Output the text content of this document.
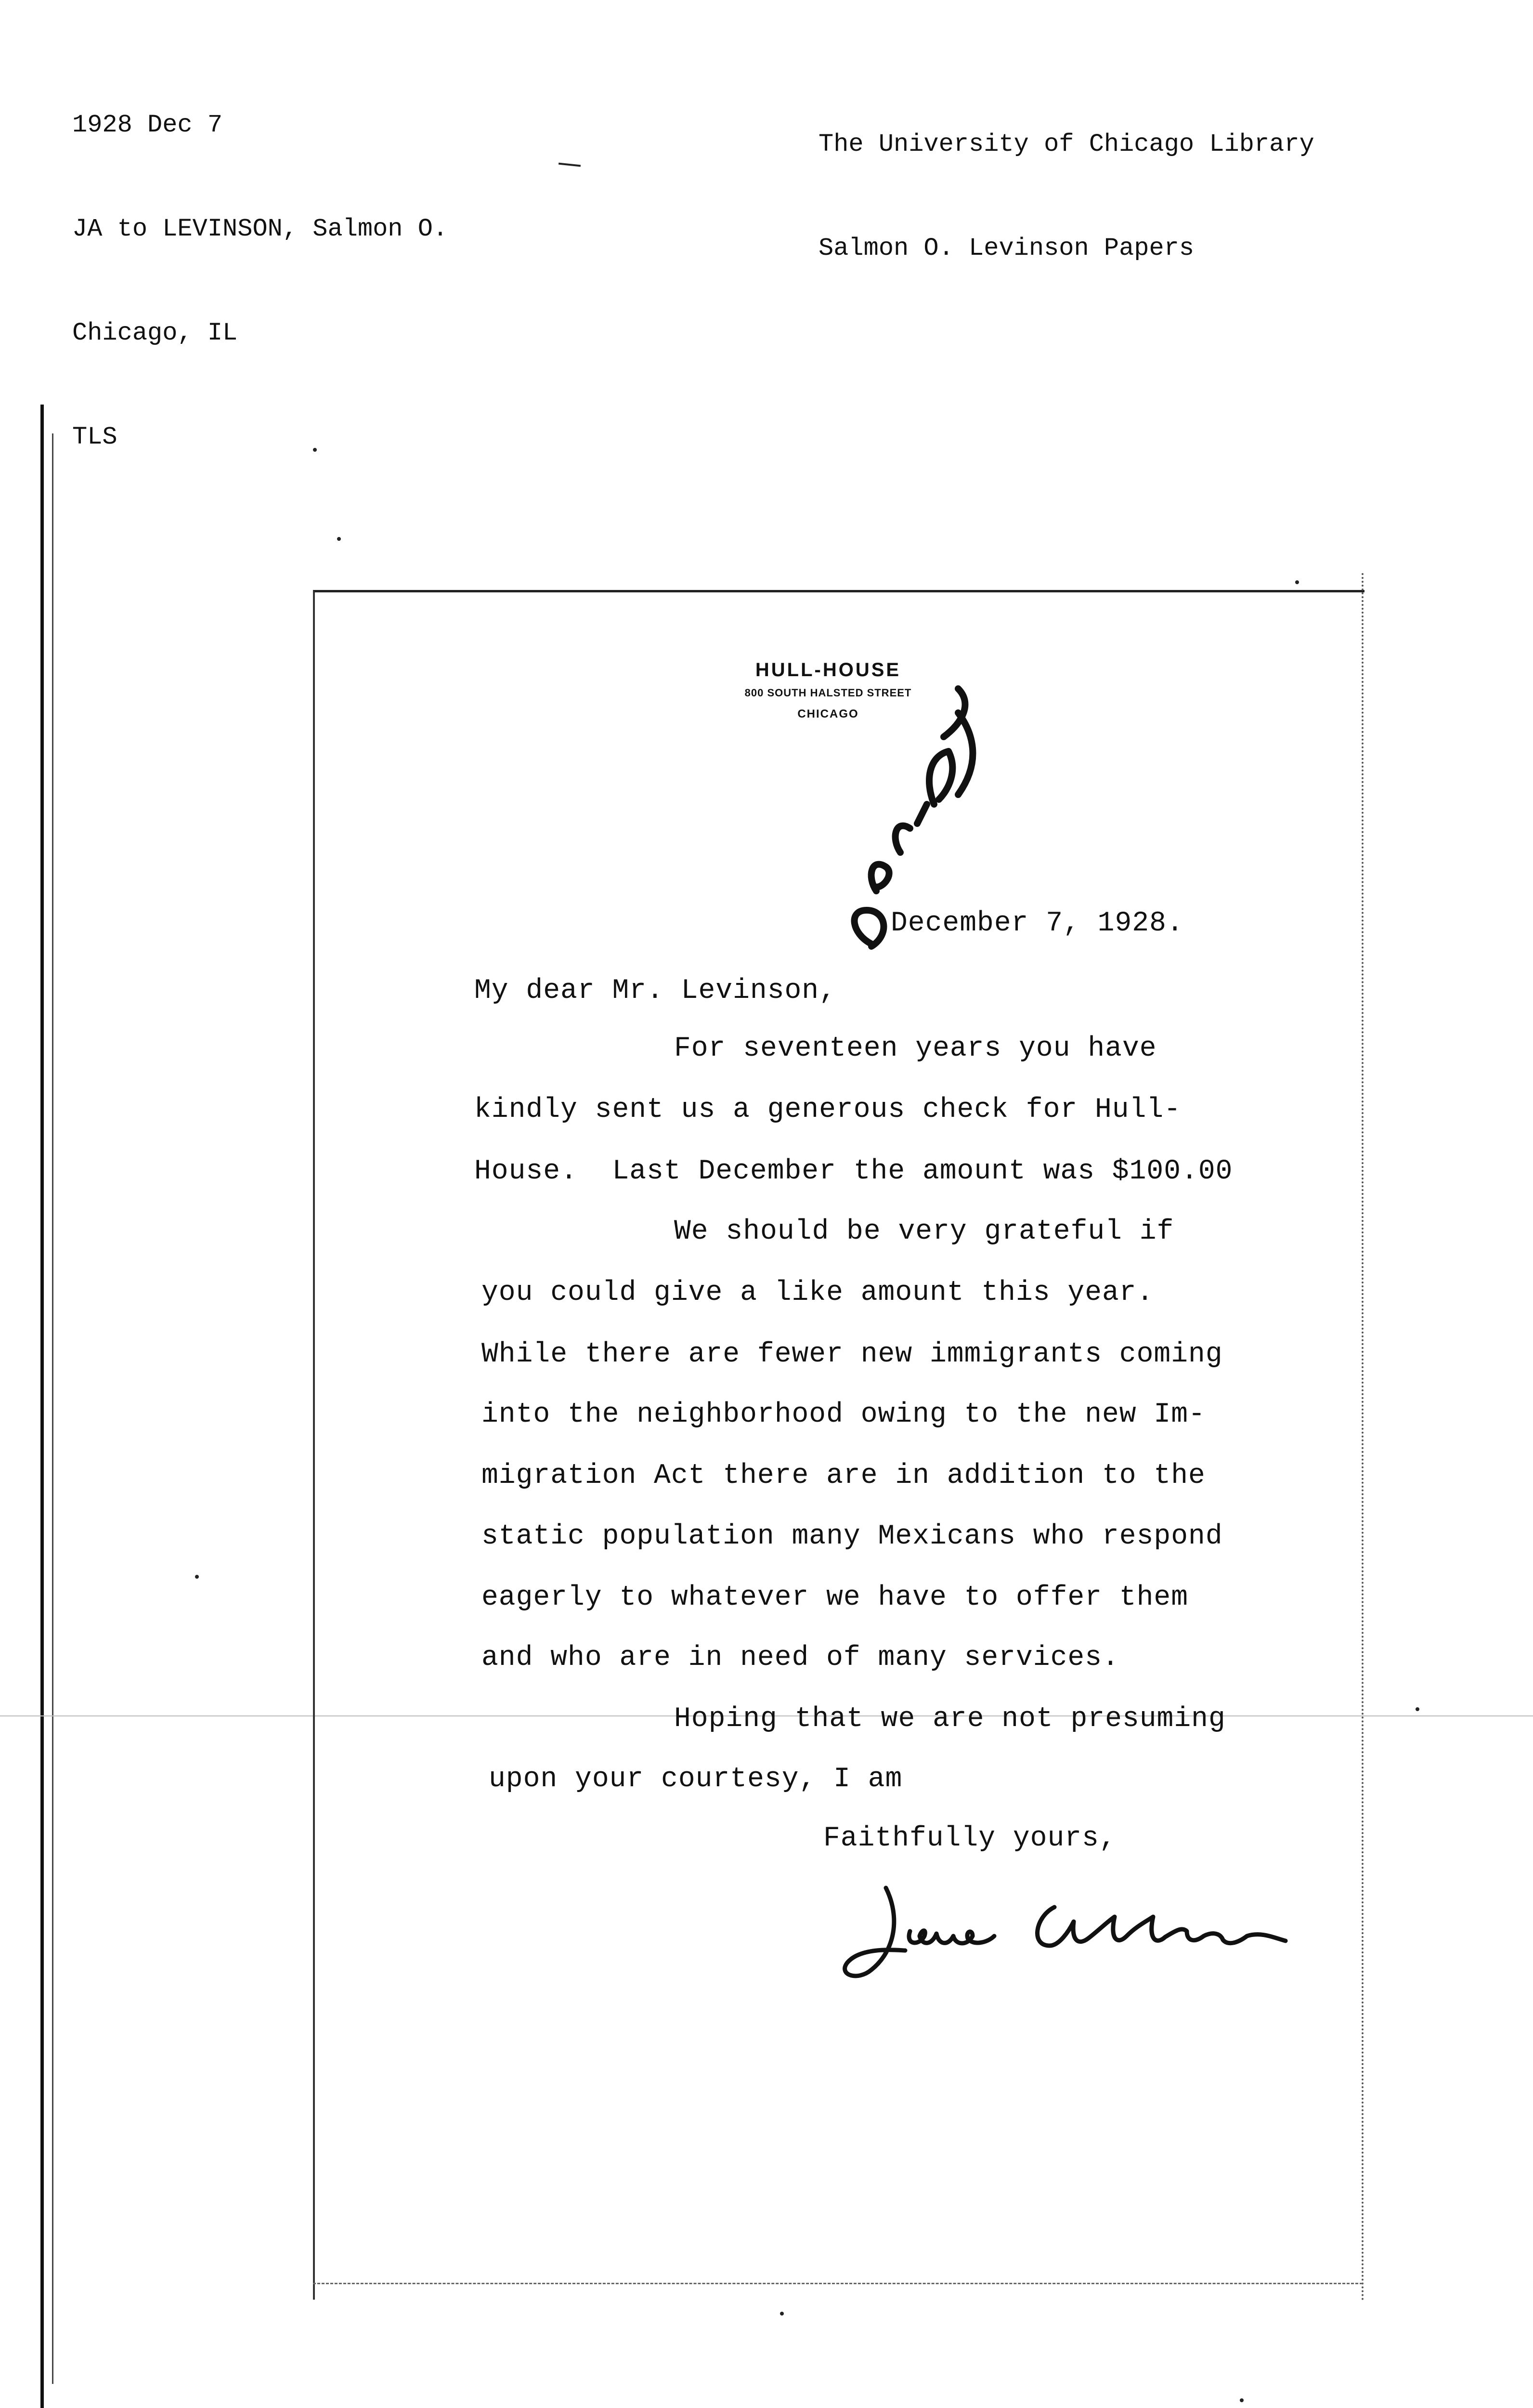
1928 Dec 7

JA to LEVINSON, Salmon O.

Chicago, IL

TLS

The University of Chicago Library

Salmon O. Levinson Papers

HULL-HOUSE
800 SOUTH HALSTED STREET
CHICAGO
December 7, 1928.
My dear Mr. Levinson,
For seventeen years you have
kindly sent us a generous check for Hull-
House.  Last December the amount was $100.00
We should be very grateful if
you could give a like amount this year.
While there are fewer new immigrants coming
into the neighborhood owing to the new Im-
migration Act there are in addition to the
static population many Mexicans who respond
eagerly to whatever we have to offer them
and who are in need of many services.
Hoping that we are not presuming
upon your courtesy, I am
Faithfully yours,
Jane Addams
